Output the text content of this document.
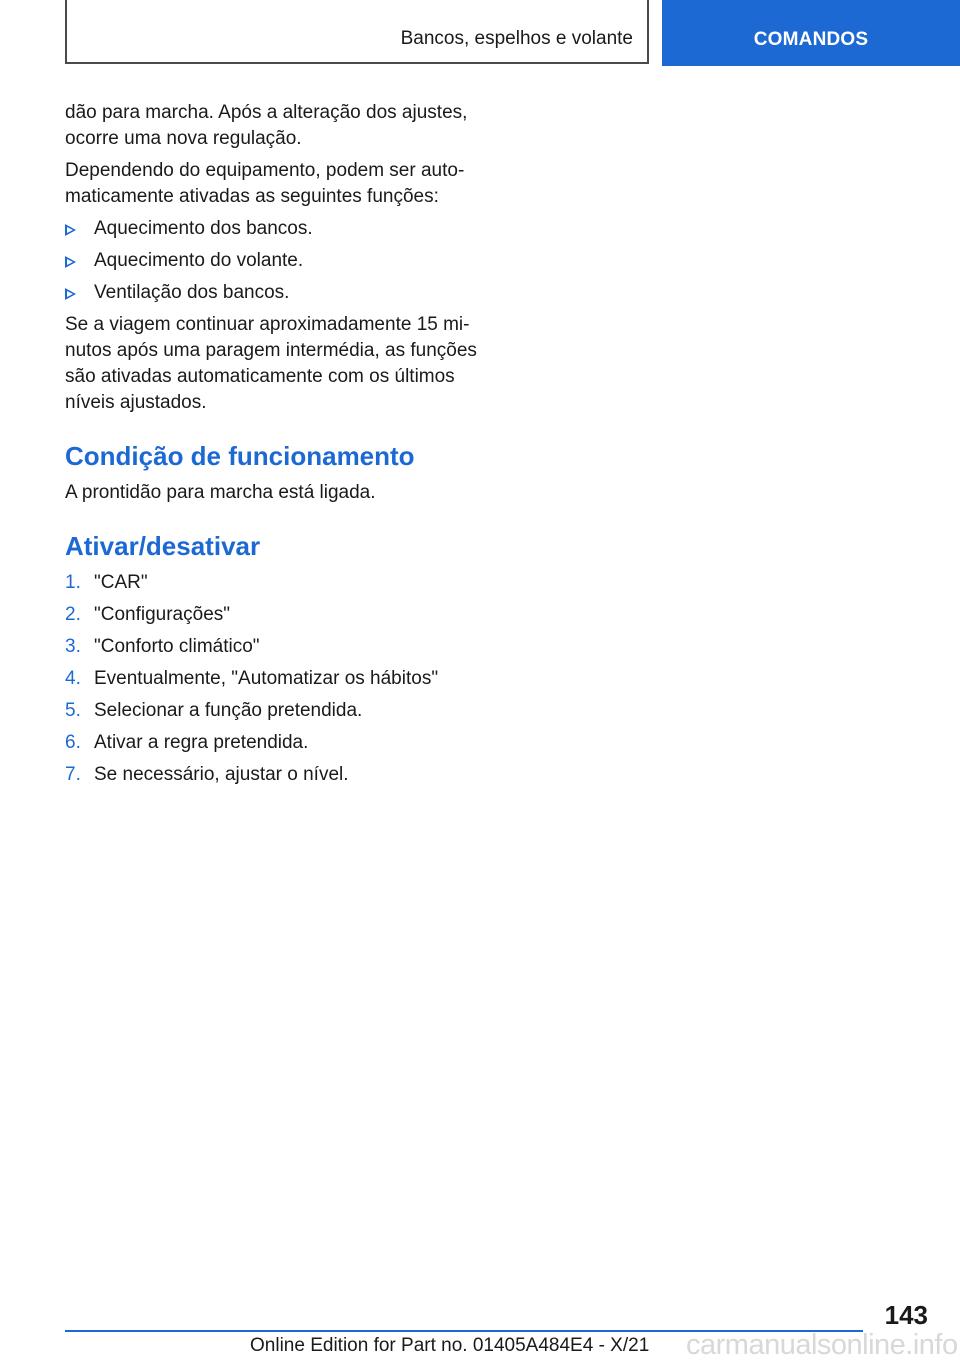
Bancos, espelhos e volante	COMANDOS

dão para marcha. Após a alteração dos ajustes, ocorre uma nova regulação.

Dependendo do equipamento, podem ser automaticamente ativadas as seguintes funções:

Aquecimento dos bancos.
Aquecimento do volante.
Ventilação dos bancos.

Se a viagem continuar aproximadamente 15 minutos após uma paragem intermédia, as funções são ativadas automaticamente com os últimos níveis ajustados.

Condição de funcionamento

A prontidão para marcha está ligada.

Ativar/desativar
1. "CAR"
2. "Configurações"
3. "Conforto climático"
4. Eventualmente, "Automatizar os hábitos"
5. Selecionar a função pretendida.
6. Ativar a regra pretendida.
7. Se necessário, ajustar o nível.
143
Online Edition for Part no. 01405A484E4 - X/21 carmanualsonline.info
